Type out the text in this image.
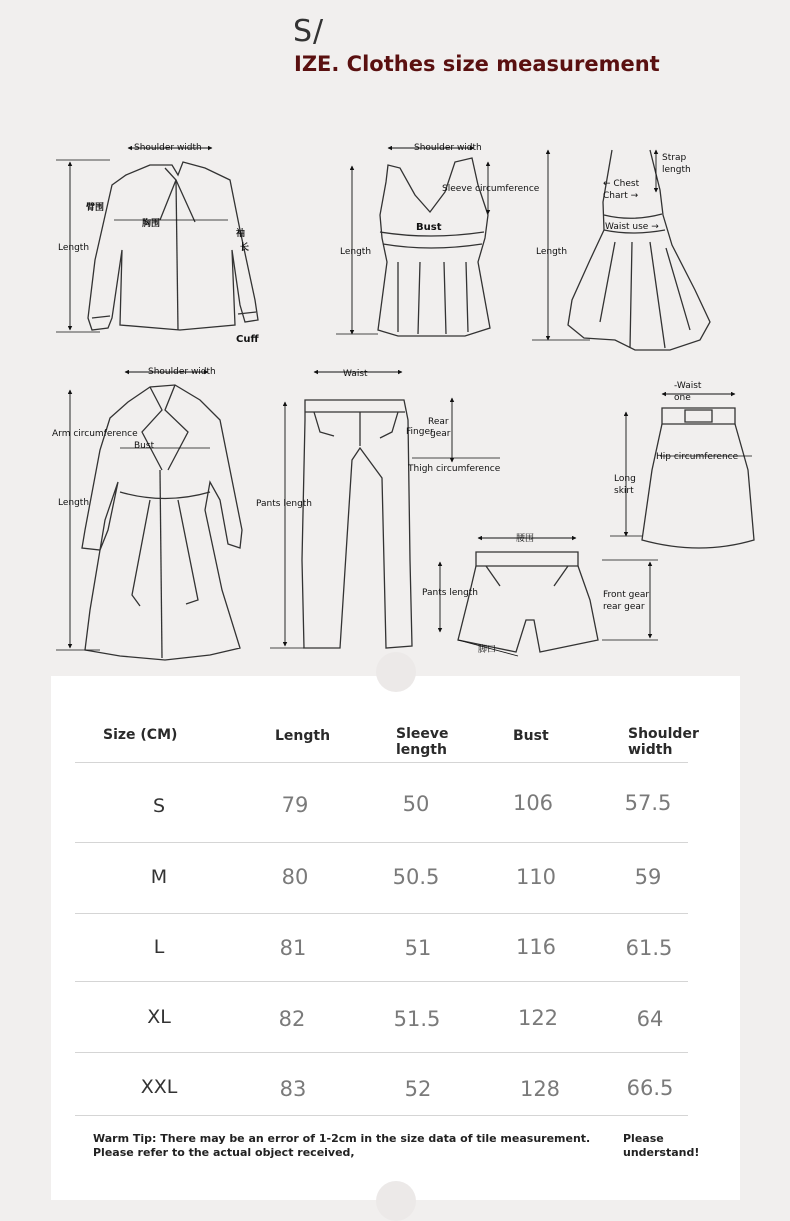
S/
IZE. Clothes size measurement
Shoulder width
臂围
胸围
袖
长
Length
Cuff
Shoulder width
Sleeve circumference
Bust
Length
Strap
length
← Chest
Chart →
Waist use →
Length
Shoulder width
Arm circumference
Bust
Length
Waist
Finger
Rear
gear
Thigh circumference
Pants length
-Waist
one
Hip circumference
Long
skirt
腰围
Pants length	Front gear
rear gear
脚口
Size (CM)	Length	Sleeve
length
Bust	Shoulder
width
S	79	50	106	57.5
M	80	50.5	110	59
L	81	51	116	61.5
XL	82	51.5	122	64
XXL	83	52	128	66.5
Warm Tip: There may be an error of 1-2cm in the size data of tile measurement. Please refer to the actual object received,
Please understand!
